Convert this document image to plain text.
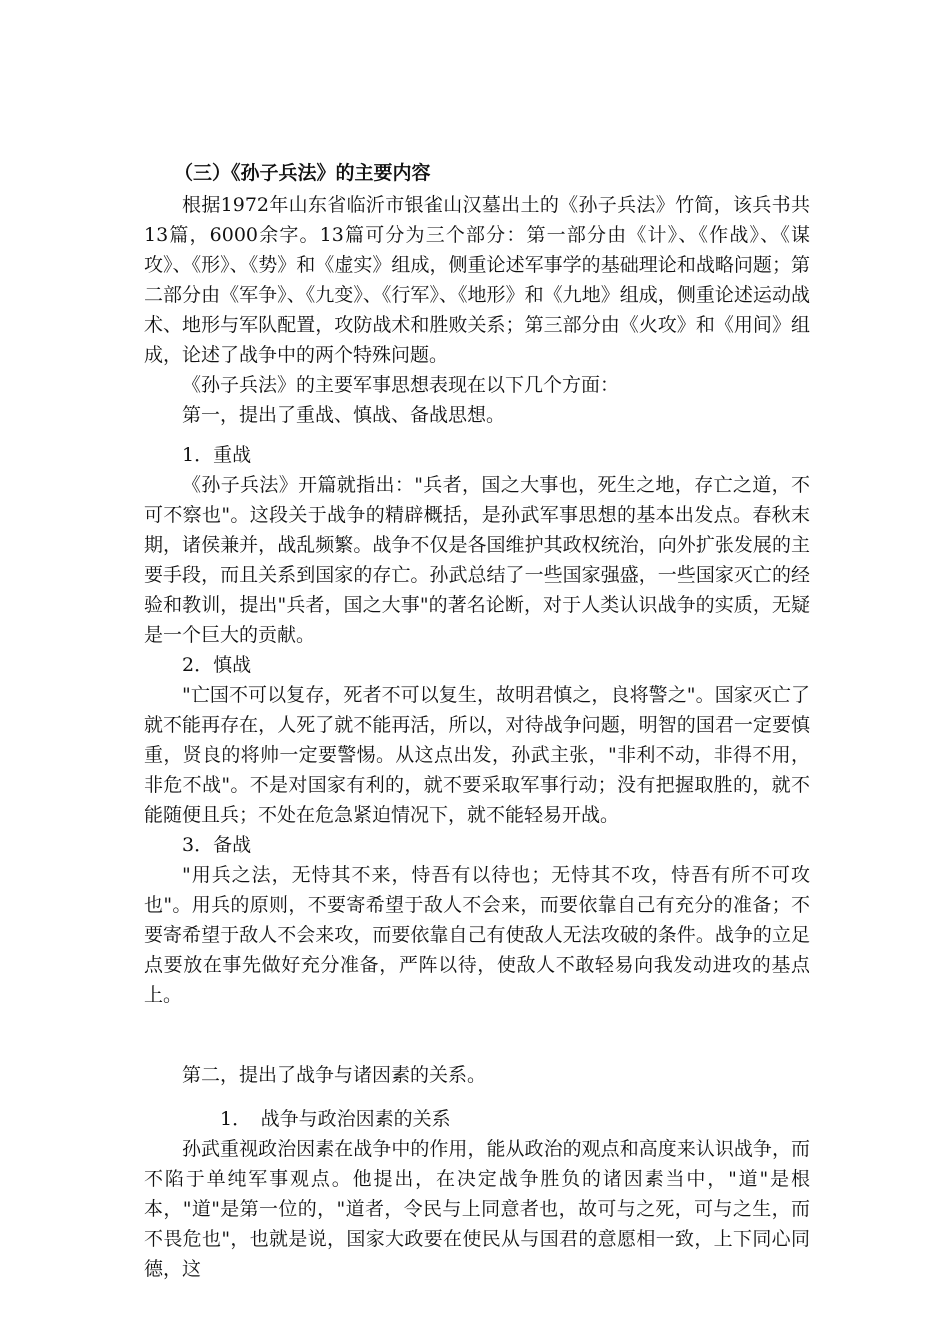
（三）《孙子兵法》的主要内容

根据1972年山东省临沂市银雀山汉墓出土的《孙子兵法》竹简，该兵书共13篇，6000余字。13篇可分为三个部分：第一部分由《计》、《作战》、《谋攻》、《形》、《势》和《虚实》组成，侧重论述军事学的基础理论和战略问题；第二部分由《军争》、《九变》、《行军》、《地形》和《九地》组成，侧重论述运动战术、地形与军队配置，攻防战术和胜败关系；第三部分由《火攻》和《用间》组成，论述了战争中的两个特殊问题。

《孙子兵法》的主要军事思想表现在以下几个方面：

第一，提出了重战、慎战、备战思想。

1．重战

《孙子兵法》开篇就指出："兵者，国之大事也，死生之地，存亡之道，不可不察也"。这段关于战争的精辟概括，是孙武军事思想的基本出发点。春秋末期，诸侯兼并，战乱频繁。战争不仅是各国维护其政权统治，向外扩张发展的主要手段，而且关系到国家的存亡。孙武总结了一些国家强盛，一些国家灭亡的经验和教训，提出"兵者，国之大事"的著名论断，对于人类认识战争的实质，无疑是一个巨大的贡献。

2．慎战

"亡国不可以复存，死者不可以复生，故明君慎之，良将警之"。国家灭亡了就不能再存在，人死了就不能再活，所以，对待战争问题，明智的国君一定要慎重，贤良的将帅一定要警惕。从这点出发，孙武主张，"非利不动，非得不用，非危不战"。不是对国家有利的，就不要采取军事行动；没有把握取胜的，就不能随便且兵；不处在危急紧迫情况下，就不能轻易开战。

3．备战

"用兵之法，无恃其不来，恃吾有以待也；无恃其不攻，恃吾有所不可攻也"。用兵的原则，不要寄希望于敌人不会来，而要依靠自己有充分的准备；不要寄希望于敌人不会来攻，而要依靠自己有使敌人无法攻破的条件。战争的立足点要放在事先做好充分准备，严阵以待，使敌人不敢轻易向我发动进攻的基点上。

第二，提出了战争与诸因素的关系。

1．　战争与政治因素的关系

孙武重视政治因素在战争中的作用，能从政治的观点和高度来认识战争，而不陷于单纯军事观点。他提出，在决定战争胜负的诸因素当中，"道"是根本，"道"是第一位的，"道者，令民与上同意者也，故可与之死，可与之生，而不畏危也"，也就是说，国家大政要在使民从与国君的意愿相一致，上下同心同德，这
